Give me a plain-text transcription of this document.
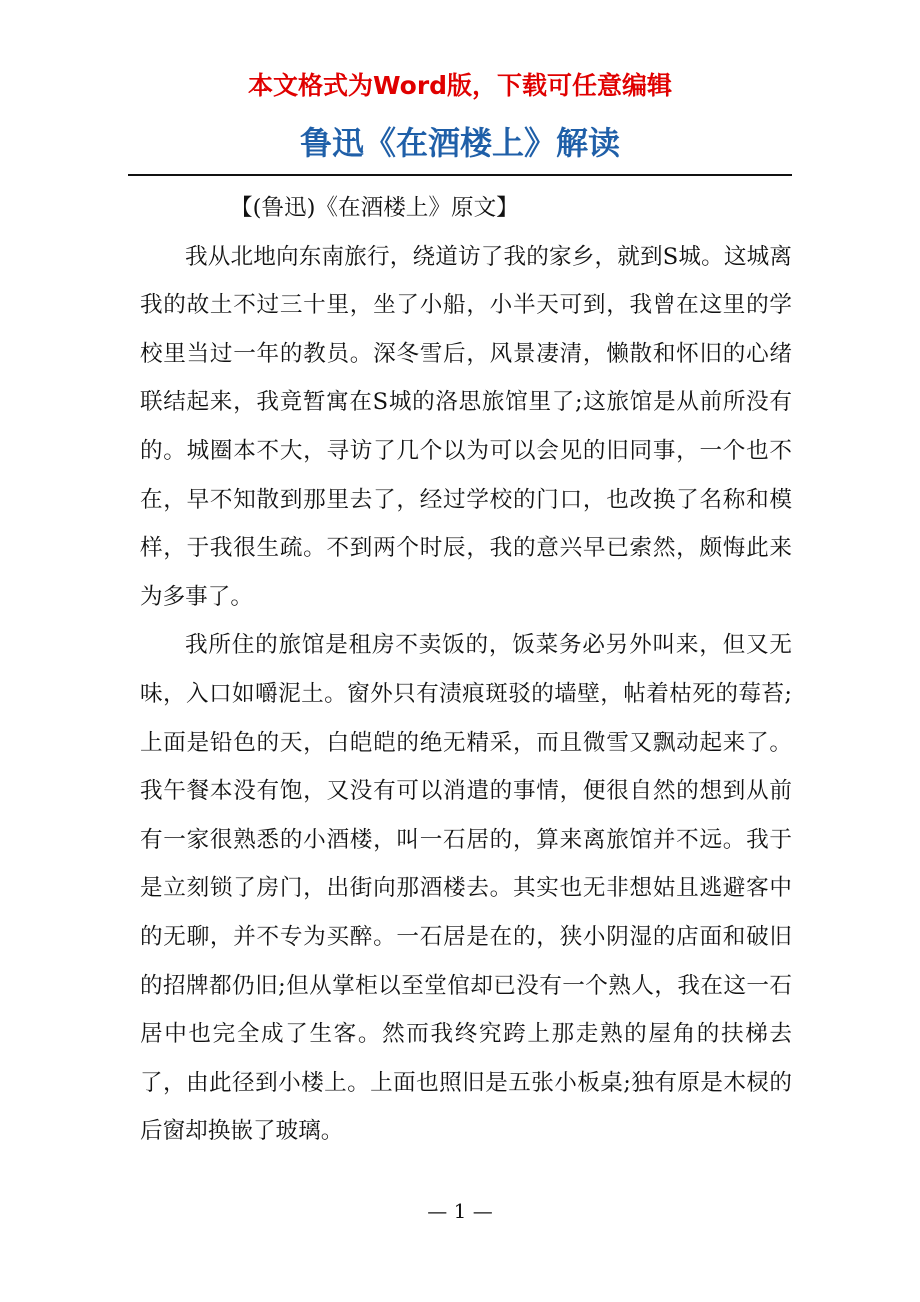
本文格式为Word版，下载可任意编辑
鲁迅《在酒楼上》解读

【(鲁迅)《在酒楼上》原文】

我从北地向东南旅行，绕道访了我的家乡，就到S城。这城离我的故土不过三十里，坐了小船，小半天可到，我曾在这里的学校里当过一年的教员。深冬雪后，风景凄清，懒散和怀旧的心绪联结起来，我竟暂寓在S城的洛思旅馆里了;这旅馆是从前所没有的。城圈本不大，寻访了几个以为可以会见的旧同事，一个也不在，早不知散到那里去了，经过学校的门口，也改换了名称和模样，于我很生疏。不到两个时辰，我的意兴早已索然，颇悔此来为多事了。

我所住的旅馆是租房不卖饭的，饭菜务必另外叫来，但又无味，入口如嚼泥土。窗外只有渍痕斑驳的墙壁，帖着枯死的莓苔;上面是铅色的天，白皑皑的绝无精采，而且微雪又飘动起来了。我午餐本没有饱，又没有可以消遣的事情，便很自然的想到从前有一家很熟悉的小酒楼，叫一石居的，算来离旅馆并不远。我于是立刻锁了房门，出街向那酒楼去。其实也无非想姑且逃避客中的无聊，并不专为买醉。一石居是在的，狭小阴湿的店面和破旧的招牌都仍旧;但从掌柜以至堂倌却已没有一个熟人，我在这一石居中也完全成了生客。然而我终究跨上那走熟的屋角的扶梯去了，由此径到小楼上。上面也照旧是五张小板桌;独有原是木棂的后窗却换嵌了玻璃。

— 1 —
